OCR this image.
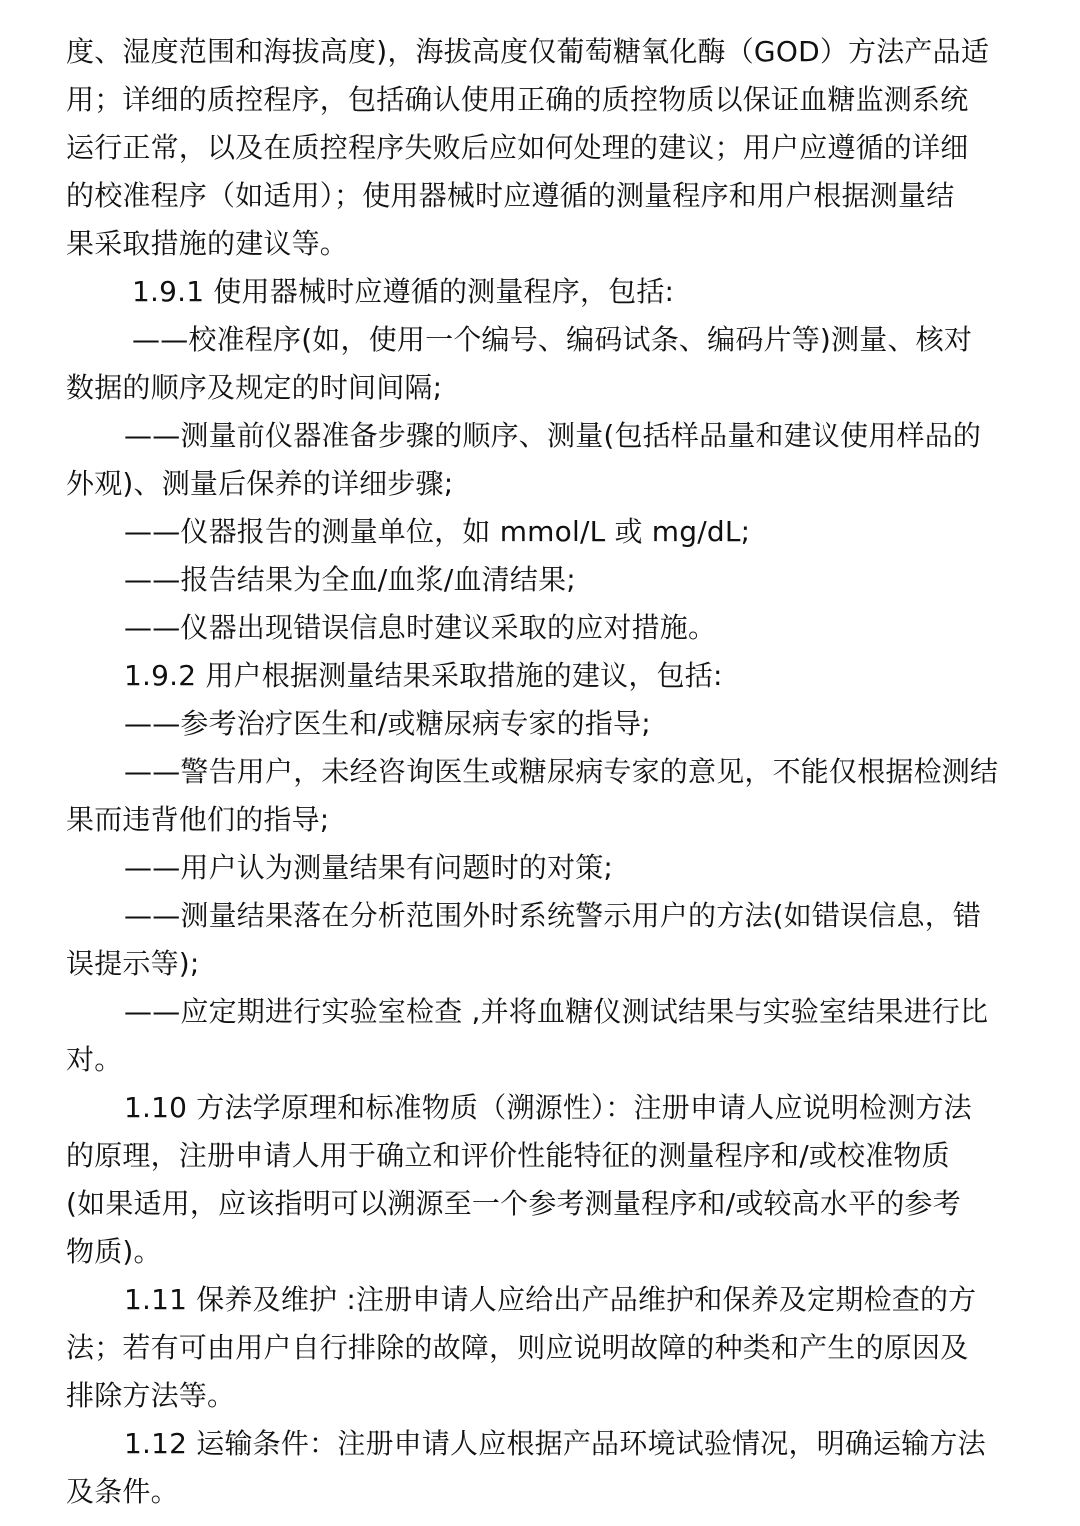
度、湿度范围和海拔高度)，海拔高度仅葡萄糖氧化酶（GOD）方法产品适
用；详细的质控程序，包括确认使用正确的质控物质以保证血糖监测系统
运行正常，以及在质控程序失败后应如何处理的建议；用户应遵循的详细
的校准程序（如适用）；使用器械时应遵循的测量程序和用户根据测量结
果采取措施的建议等。
1.9.1 使用器械时应遵循的测量程序，包括:
——校准程序(如，使用一个编号、编码试条、编码片等)测量、核对
数据的顺序及规定的时间间隔;
——测量前仪器准备步骤的顺序、测量(包括样品量和建议使用样品的
外观)、测量后保养的详细步骤;
——仪器报告的测量单位，如 mmol/L 或 mg/dL;
——报告结果为全血/血浆/血清结果;
——仪器出现错误信息时建议采取的应对措施。
1.9.2 用户根据测量结果采取措施的建议，包括:
——参考治疗医生和/或糖尿病专家的指导;
——警告用户，未经咨询医生或糖尿病专家的意见，不能仅根据检测结
果而违背他们的指导;
——用户认为测量结果有问题时的对策;
——测量结果落在分析范围外时系统警示用户的方法(如错误信息，错
误提示等);
——应定期进行实验室检查 ,并将血糖仪测试结果与实验室结果进行比
对。
1.10 方法学原理和标准物质（溯源性）：注册申请人应说明检测方法
的原理，注册申请人用于确立和评价性能特征的测量程序和/或校准物质
(如果适用，应该指明可以溯源至一个参考测量程序和/或较高水平的参考
物质)。
1.11 保养及维护 :注册申请人应给出产品维护和保养及定期检查的方
法；若有可由用户自行排除的故障，则应说明故障的种类和产生的原因及
排除方法等。
1.12 运输条件：注册申请人应根据产品环境试验情况，明确运输方法
及条件。
